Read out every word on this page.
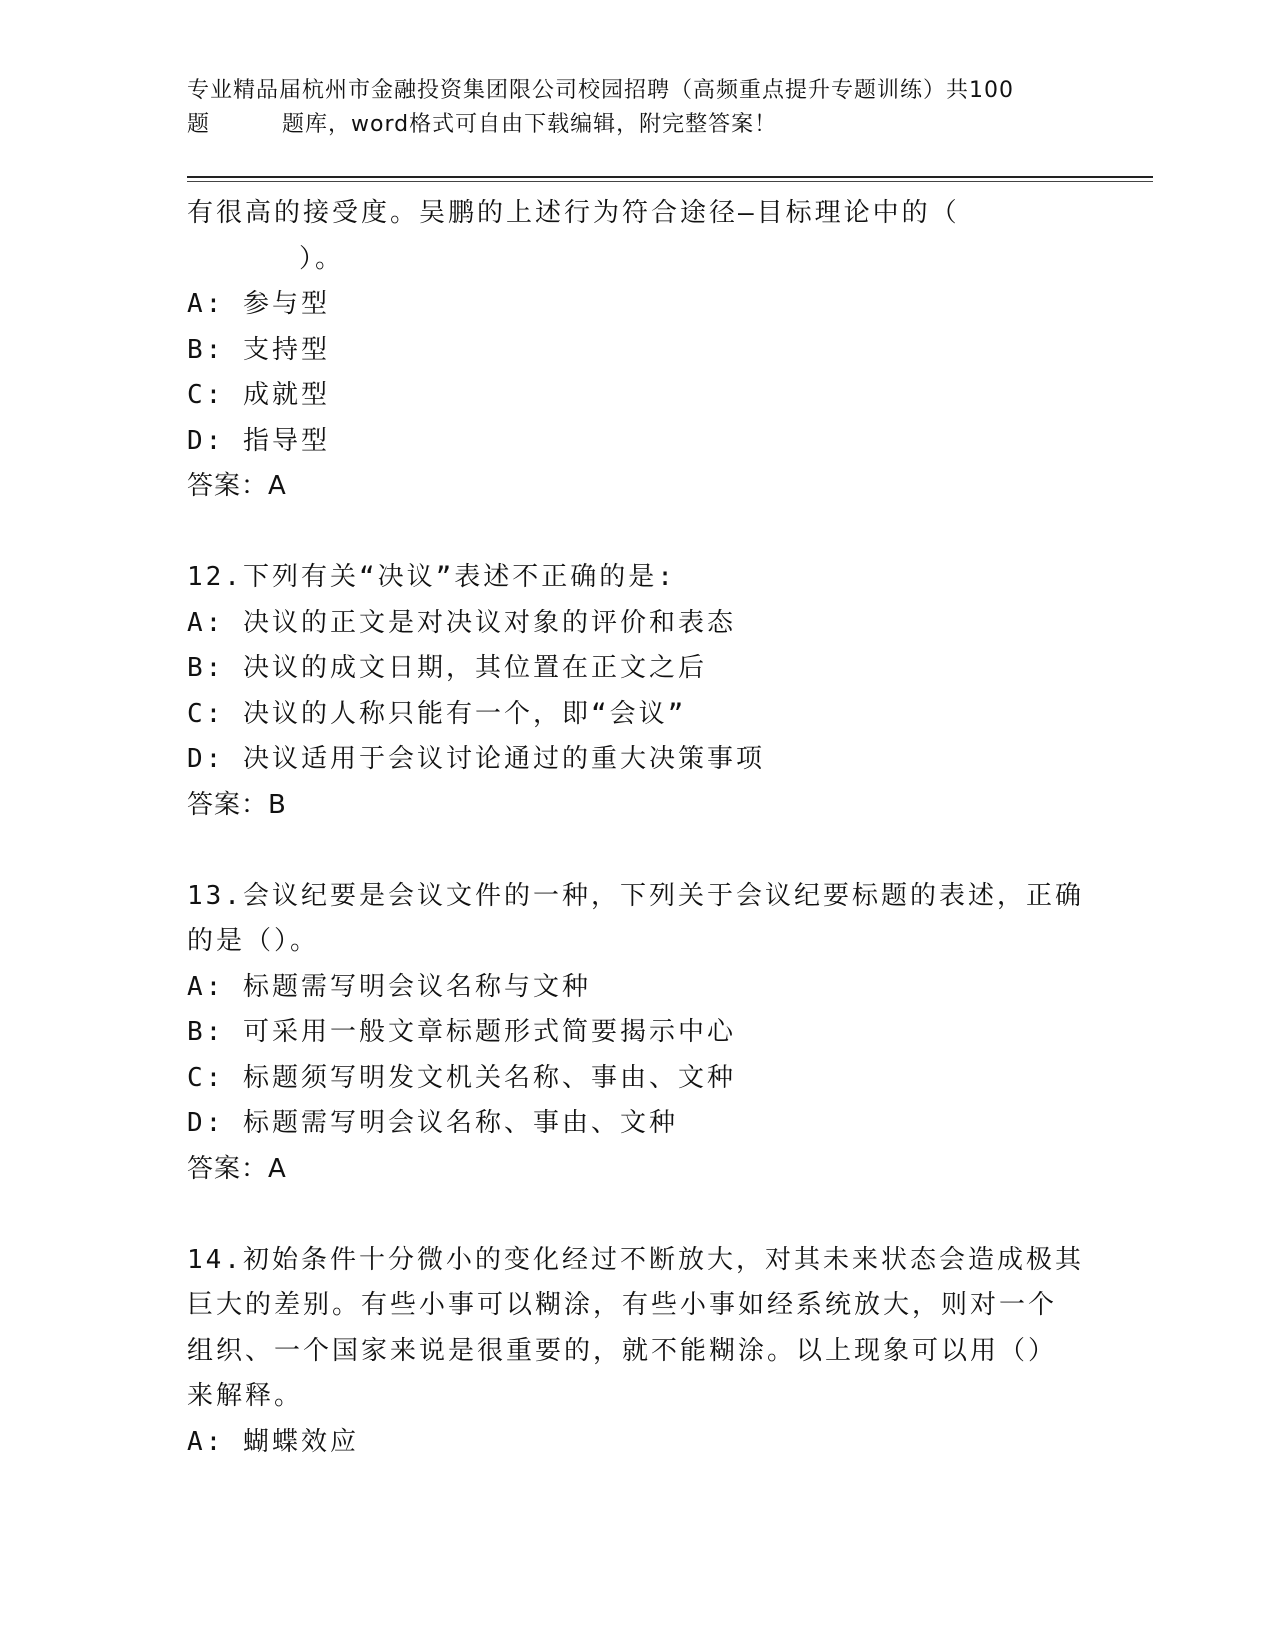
专业精品届杭州市金融投资集团限公司校园招聘（高频重点提升专题训练）共100
题	题库，word格式可自由下载编辑，附完整答案！
有很高的接受度。吴鹏的上述行为符合途径—目标理论中的（
）。
A: 参与型
B: 支持型
C: 成就型
D: 指导型
答案：A
12.下列有关“决议”表述不正确的是:
A: 决议的正文是对决议对象的评价和表态
B: 决议的成文日期，其位置在正文之后
C: 决议的人称只能有一个，即“会议”
D: 决议适用于会议讨论通过的重大决策事项
答案：B
13.会议纪要是会议文件的一种，下列关于会议纪要标题的表述，正确
的是（）。
A: 标题需写明会议名称与文种
B: 可采用一般文章标题形式简要揭示中心
C: 标题须写明发文机关名称、事由、文种
D: 标题需写明会议名称、事由、文种
答案：A
14.初始条件十分微小的变化经过不断放大，对其未来状态会造成极其
巨大的差别。有些小事可以糊涂，有些小事如经系统放大，则对一个
组织、一个国家来说是很重要的，就不能糊涂。以上现象可以用（）
来解释。
A: 蝴蝶效应
